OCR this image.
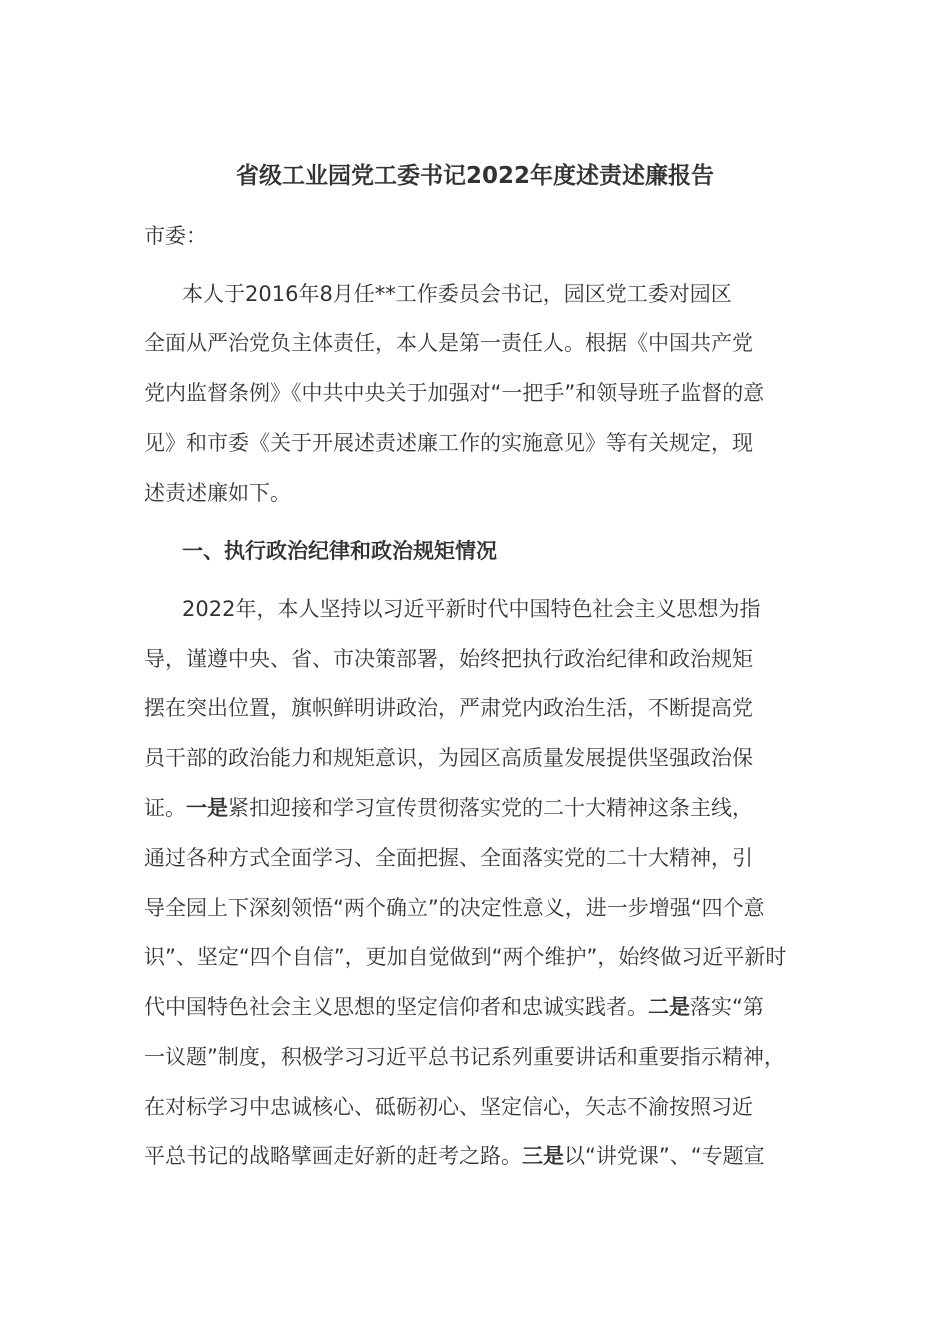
省级工业园党工委书记2022年度述责述廉报告

市委：

本人于2016年8月任**工作委员会书记，园区党工委对园区

全面从严治党负主体责任，本人是第一责任人。根据《中国共产党

党内监督条例》《中共中央关于加强对“一把手”和领导班子监督的意

见》和市委《关于开展述责述廉工作的实施意见》等有关规定，现

述责述廉如下。

一、执行政治纪律和政治规矩情况

2022年，本人坚持以习近平新时代中国特色社会主义思想为指

导，谨遵中央、省、市决策部署，始终把执行政治纪律和政治规矩

摆在突出位置，旗帜鲜明讲政治，严肃党内政治生活，不断提高党

员干部的政治能力和规矩意识，为园区高质量发展提供坚强政治保

证。一是紧扣迎接和学习宣传贯彻落实党的二十大精神这条主线，

通过各种方式全面学习、全面把握、全面落实党的二十大精神，引

导全园上下深刻领悟“两个确立”的决定性意义，进一步增强“四个意

识”、坚定“四个自信”，更加自觉做到“两个维护”，始终做习近平新时

代中国特色社会主义思想的坚定信仰者和忠诚实践者。二是落实“第

一议题”制度，积极学习习近平总书记系列重要讲话和重要指示精神，

在对标学习中忠诚核心、砥砺初心、坚定信心，矢志不渝按照习近

平总书记的战略擘画走好新的赶考之路。三是以“讲党课”、“专题宣
